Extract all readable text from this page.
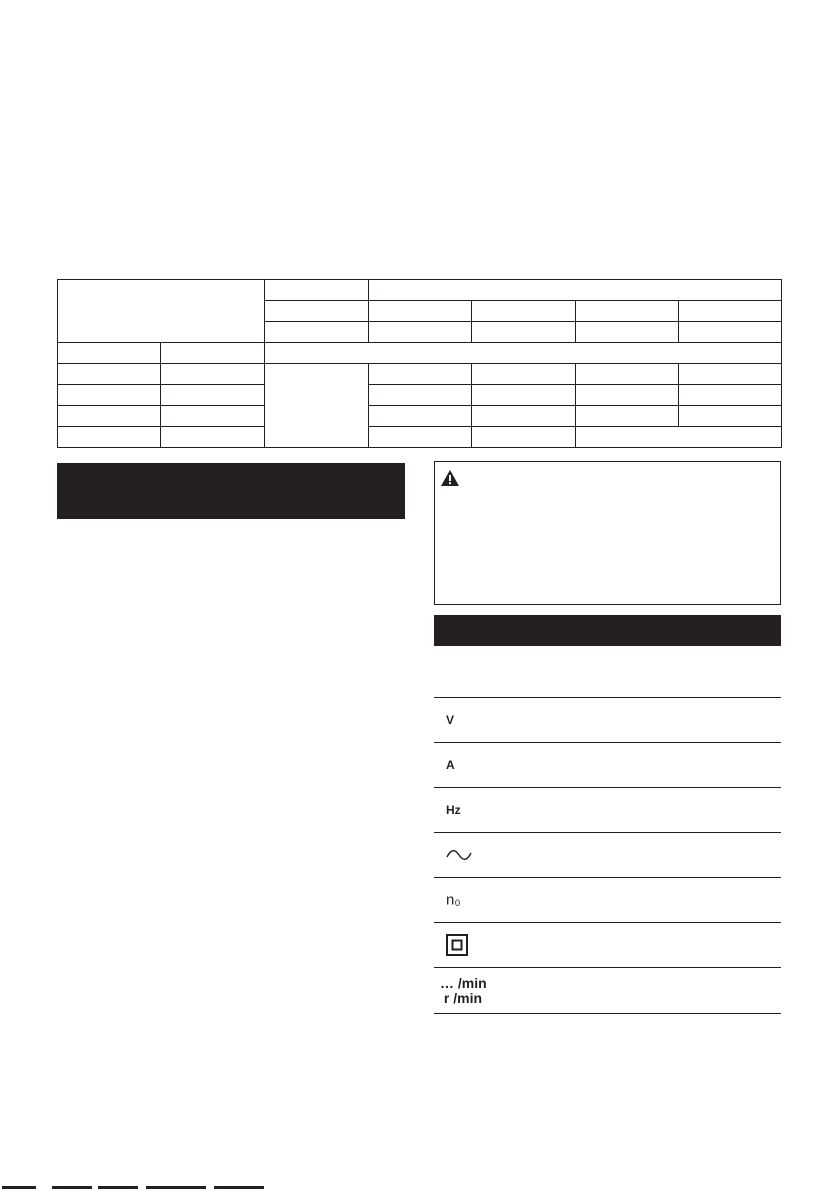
V
A
Hz
n₀
… /min
r /min
